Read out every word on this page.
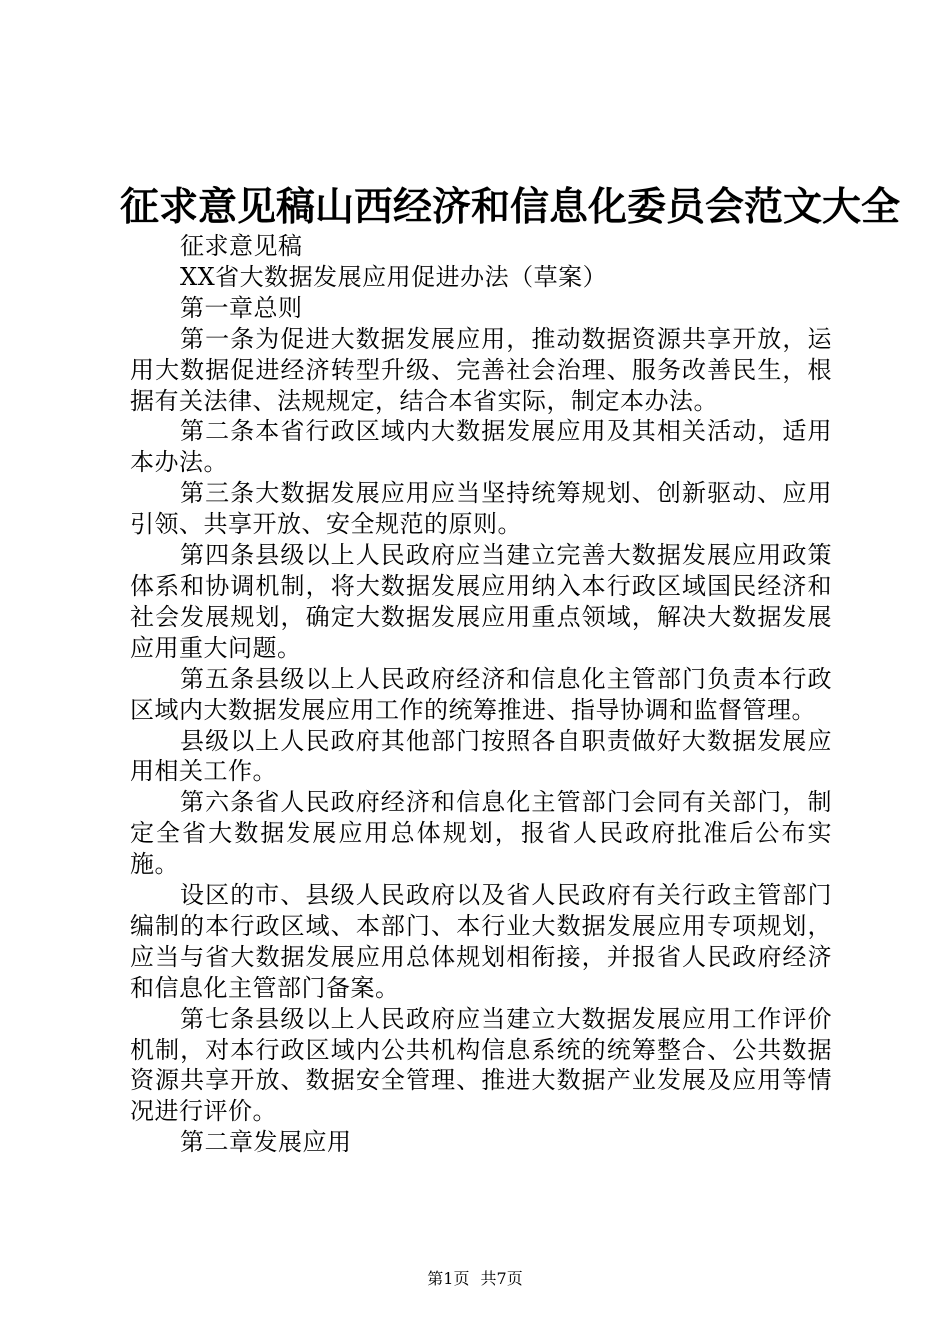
征求意见稿山西经济和信息化委员会范文大全

征求意见稿

XX省大数据发展应用促进办法（草案）

第一章总则

第一条为促进大数据发展应用，推动数据资源共享开放，运用大数据促进经济转型升级、完善社会治理、服务改善民生，根据有关法律、法规规定，结合本省实际，制定本办法。

第二条本省行政区域内大数据发展应用及其相关活动，适用本办法。

第三条大数据发展应用应当坚持统筹规划、创新驱动、应用引领、共享开放、安全规范的原则。

第四条县级以上人民政府应当建立完善大数据发展应用政策体系和协调机制，将大数据发展应用纳入本行政区域国民经济和社会发展规划，确定大数据发展应用重点领域，解决大数据发展应用重大问题。

第五条县级以上人民政府经济和信息化主管部门负责本行政区域内大数据发展应用工作的统筹推进、指导协调和监督管理。

县级以上人民政府其他部门按照各自职责做好大数据发展应用相关工作。

第六条省人民政府经济和信息化主管部门会同有关部门，制定全省大数据发展应用总体规划，报省人民政府批准后公布实施。

设区的市、县级人民政府以及省人民政府有关行政主管部门编制的本行政区域、本部门、本行业大数据发展应用专项规划，应当与省大数据发展应用总体规划相衔接，并报省人民政府经济和信息化主管部门备案。

第七条县级以上人民政府应当建立大数据发展应用工作评价机制，对本行政区域内公共机构信息系统的统筹整合、公共数据资源共享开放、数据安全管理、推进大数据产业发展及应用等情况进行评价。

第二章发展应用

第1页 共7页
